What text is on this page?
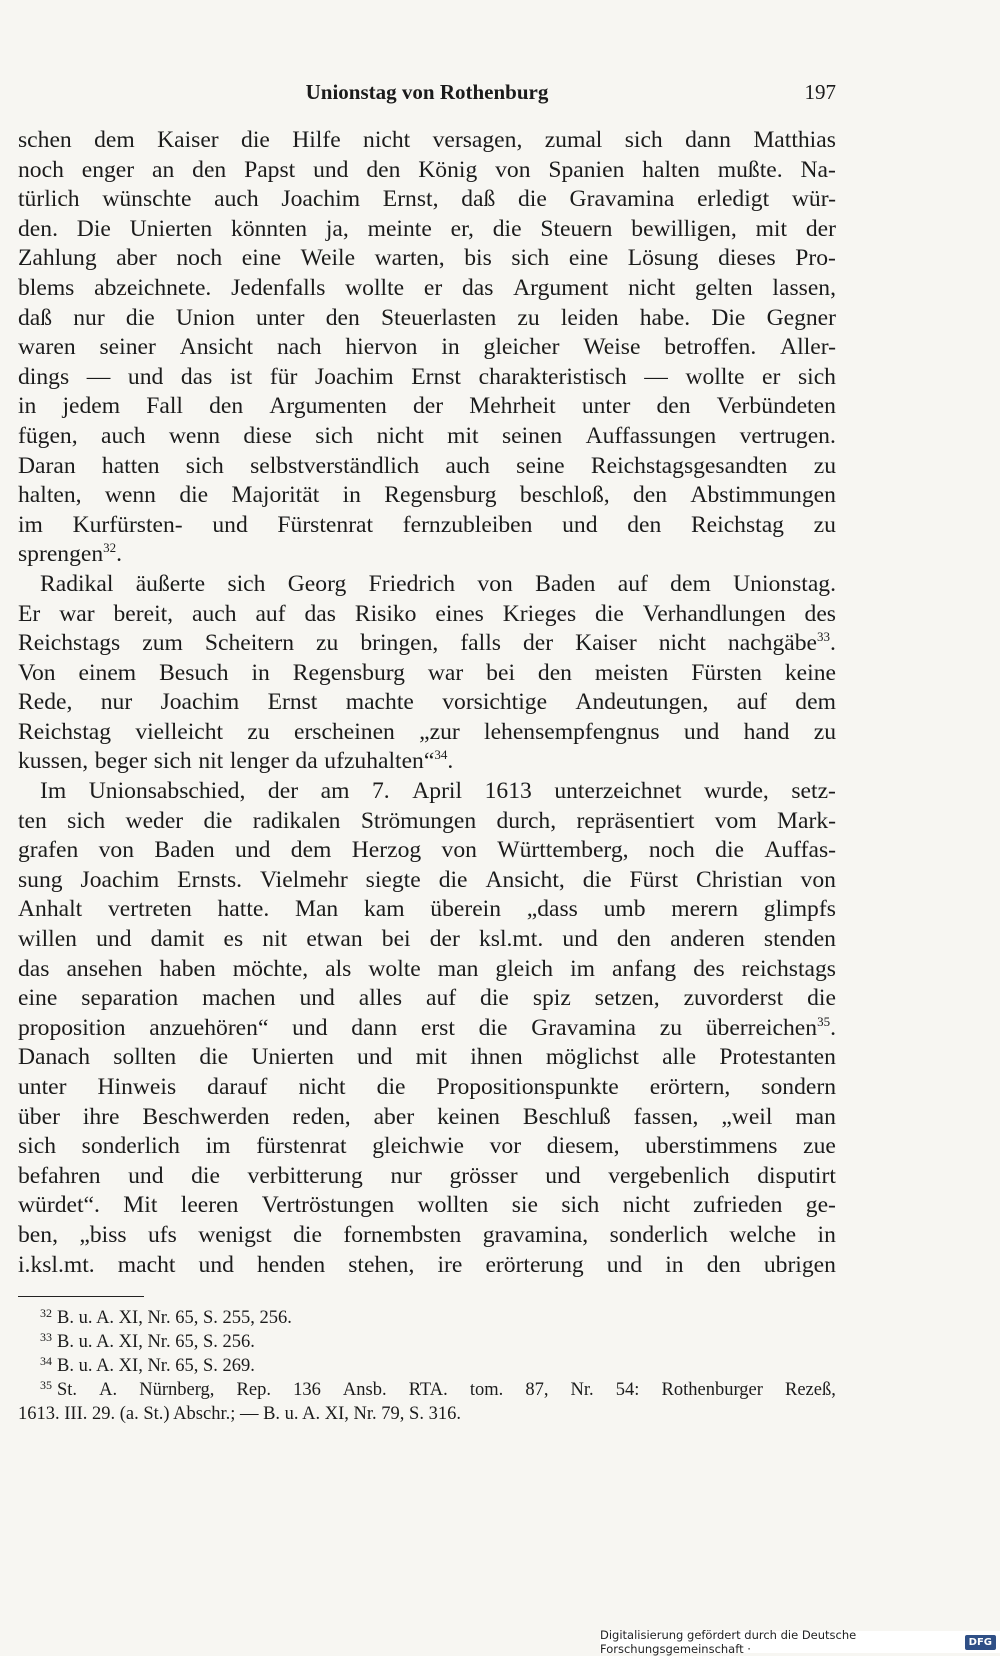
Unionstag von Rothenburg	197
schen dem Kaiser die Hilfe nicht versagen, zumal sich dann Matthias
noch enger an den Papst und den König von Spanien halten mußte. Na-
türlich wünschte auch Joachim Ernst, daß die Gravamina erledigt wür-
den. Die Unierten könnten ja, meinte er, die Steuern bewilligen, mit der
Zahlung aber noch eine Weile warten, bis sich eine Lösung dieses Pro-
blems abzeichnete. Jedenfalls wollte er das Argument nicht gelten lassen,
daß nur die Union unter den Steuerlasten zu leiden habe. Die Gegner
waren seiner Ansicht nach hiervon in gleicher Weise betroffen. Aller-
dings — und das ist für Joachim Ernst charakteristisch — wollte er sich
in jedem Fall den Argumenten der Mehrheit unter den Verbündeten
fügen, auch wenn diese sich nicht mit seinen Auffassungen vertrugen.
Daran hatten sich selbstverständlich auch seine Reichstagsgesandten zu
halten, wenn die Majorität in Regensburg beschloß, den Abstimmungen
im Kurfürsten- und Fürstenrat fernzubleiben und den Reichstag zu
sprengen$^{32}$.
Radikal äußerte sich Georg Friedrich von Baden auf dem Unionstag.
Er war bereit, auch auf das Risiko eines Krieges die Verhandlungen des
Reichstags zum Scheitern zu bringen, falls der Kaiser nicht nachgäbe$^{33}$.
Von einem Besuch in Regensburg war bei den meisten Fürsten keine
Rede, nur Joachim Ernst machte vorsichtige Andeutungen, auf dem
Reichstag vielleicht zu erscheinen „zur lehensempfengnus und hand zu
kussen, beger sich nit lenger da ufzuhalten“$^{34}$.
Im Unionsabschied, der am 7. April 1613 unterzeichnet wurde, setz-
ten sich weder die radikalen Strömungen durch, repräsentiert vom Mark-
grafen von Baden und dem Herzog von Württemberg, noch die Auffas-
sung Joachim Ernsts. Vielmehr siegte die Ansicht, die Fürst Christian von
Anhalt vertreten hatte. Man kam überein „dass umb merern glimpfs
willen und damit es nit etwan bei der ksl.mt. und den anderen stenden
das ansehen haben möchte, als wolte man gleich im anfang des reichstags
eine separation machen und alles auf die spiz setzen, zuvorderst die
proposition anzuehören“ und dann erst die Gravamina zu überreichen$^{35}$.
Danach sollten die Unierten und mit ihnen möglichst alle Protestanten
unter Hinweis darauf nicht die Propositionspunkte erörtern, sondern
über ihre Beschwerden reden, aber keinen Beschluß fassen, „weil man
sich sonderlich im fürstenrat gleichwie vor diesem, uberstimmens zue
befahren und die verbitterung nur grösser und vergebenlich disputirt
würdet“. Mit leeren Vertröstungen wollten sie sich nicht zufrieden ge-
ben, „biss ufs wenigst die fornembsten gravamina, sonderlich welche in
i.ksl.mt. macht und henden stehen, ire erörterung und in den ubrigen
$^{32}$ B. u. A. XI, Nr. 65, S. 255, 256.
$^{33}$ B. u. A. XI, Nr. 65, S. 256.
$^{34}$ B. u. A. XI, Nr. 65, S. 269.
$^{35}$ St. A. Nürnberg, Rep. 136 Ansb. RTA. tom. 87, Nr. 54: Rothenburger Rezeß,
1613. III. 29. (a. St.) Abschr.; — B. u. A. XI, Nr. 79, S. 316.
Digitalisierung gefördert durch die Deutsche Forschungsgemeinschaft ·	DFG
